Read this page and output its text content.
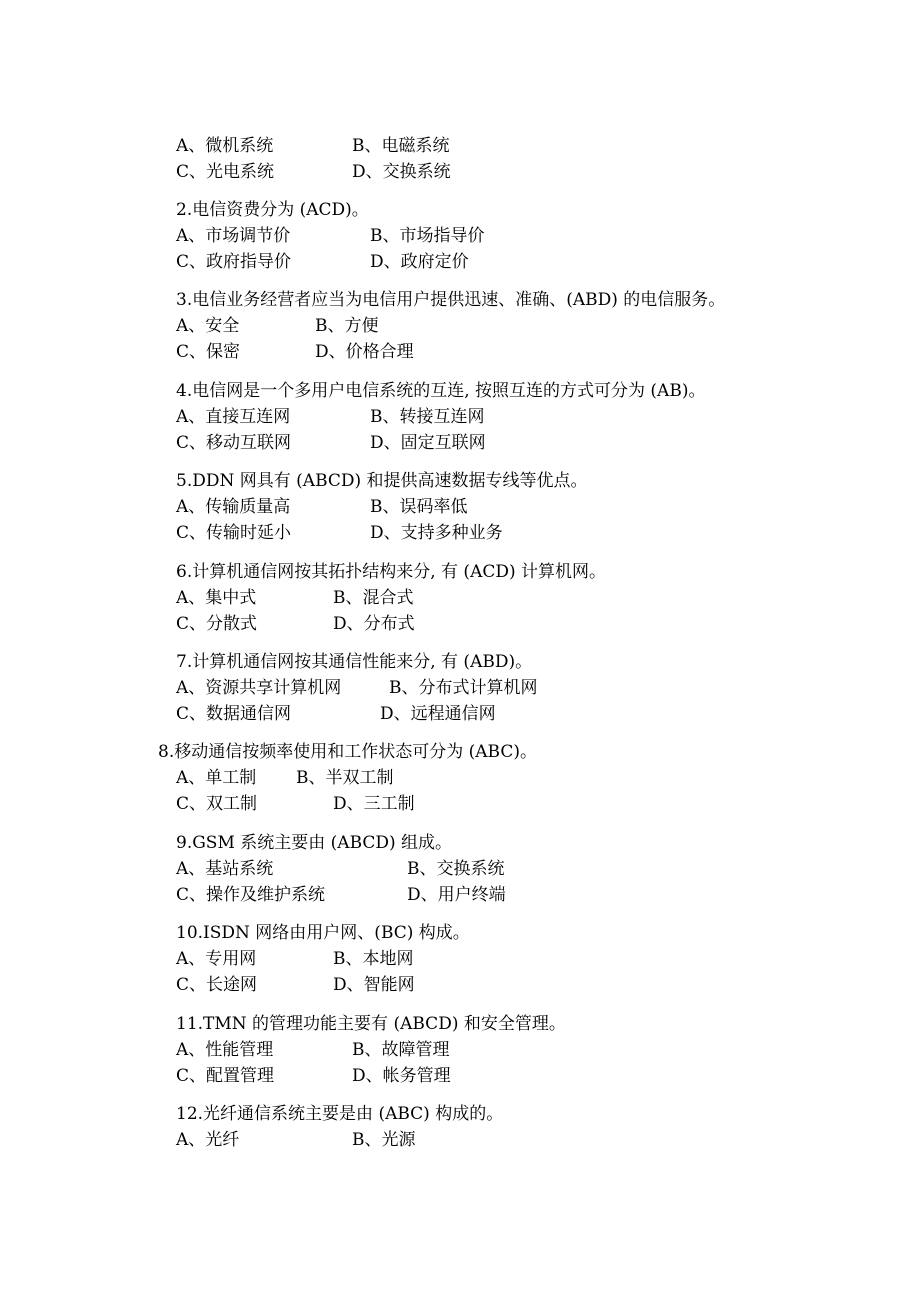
A、微机系统	B、电磁系统
C、光电系统	D、交换系统
2.电信资费分为 (ACD)。
A、市场调节价	B、市场指导价
C、政府指导价	D、政府定价
3.电信业务经营者应当为电信用户提供迅速、准确、(ABD) 的电信服务。
A、安全	B、方便
C、保密	D、价格合理
4.电信网是一个多用户电信系统的互连, 按照互连的方式可分为 (AB)。
A、直接互连网	B、转接互连网
C、移动互联网	D、固定互联网
5.DDN 网具有 (ABCD) 和提供高速数据专线等优点。
A、传输质量高	B、误码率低
C、传输时延小	D、支持多种业务
6.计算机通信网按其拓扑结构来分, 有 (ACD) 计算机网。
A、集中式	B、混合式
C、分散式	D、分布式
7.计算机通信网按其通信性能来分, 有 (ABD)。
A、资源共享计算机网	B、分布式计算机网
C、数据通信网	D、远程通信网
8.移动通信按频率使用和工作状态可分为 (ABC)。
A、单工制 B、半双工制
C、双工制	D、三工制
9.GSM 系统主要由 (ABCD) 组成。
A、基站系统	B、交换系统
C、操作及维护系统	D、用户终端
10.ISDN 网络由用户网、(BC) 构成。
A、专用网	B、本地网
C、长途网	D、智能网
11.TMN 的管理功能主要有 (ABCD) 和安全管理。
A、性能管理	B、故障管理
C、配置管理	D、帐务管理
12.光纤通信系统主要是由 (ABC) 构成的。
A、光纤	B、光源
